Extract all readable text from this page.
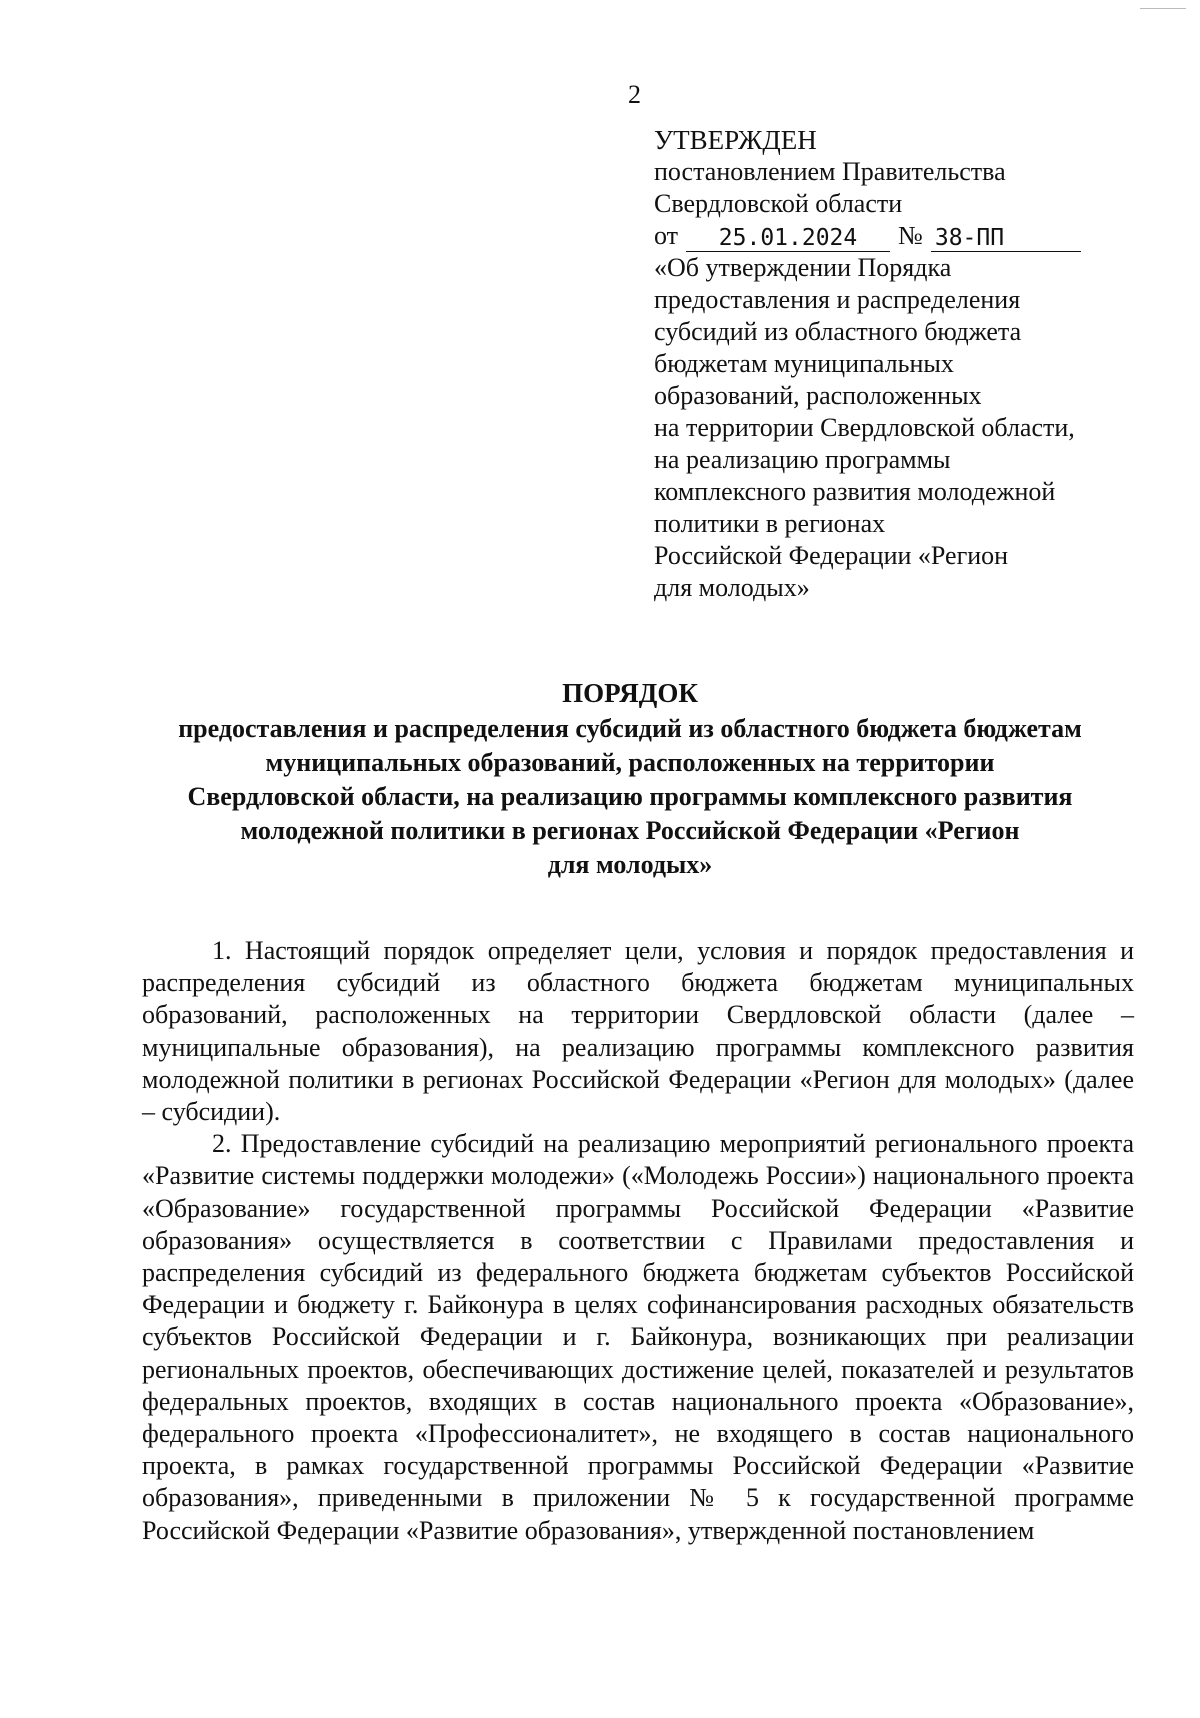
2
УТВЕРЖДЕН
постановлением Правительства
Свердловской области
от	25.01.2024	№ 38-ПП
«Об утверждении Порядка
предоставления и распределения
субсидий из областного бюджета
бюджетам муниципальных
образований, расположенных
на территории Свердловской области,
на реализацию программы
комплексного развития молодежной
политики в регионах
Российской Федерации «Регион
для молодых»
ПОРЯДОК
предоставления и распределения субсидий из областного бюджета бюджетам
муниципальных образований, расположенных на территории
Свердловской области, на реализацию программы комплексного развития
молодежной политики в регионах Российской Федерации «Регион
для молодых»

1. Настоящий порядок определяет цели, условия и порядок предоставления и распределения субсидий из областного бюджета бюджетам муниципальных образований, расположенных на территории Свердловской области (далее – муниципальные образования), на реализацию программы комплексного развития молодежной политики в регионах Российской Федерации «Регион для молодых» (далее – субсидии).

2. Предоставление субсидий на реализацию мероприятий регионального проекта «Развитие системы поддержки молодежи» («Молодежь России») национального проекта «Образование» государственной программы Российской Федерации «Развитие образования» осуществляется в соответствии с Правилами предоставления и распределения субсидий из федерального бюджета бюджетам субъектов Российской Федерации и бюджету г. Байконура в целях софинансирования расходных обязательств субъектов Российской Федерации и г. Байконура, возникающих при реализации региональных проектов, обеспечивающих достижение целей, показателей и результатов федеральных проектов, входящих в состав национального проекта «Образование», федерального проекта «Профессионалитет», не входящего в состав национального проекта, в рамках государственной программы Российской Федерации «Развитие образования», приведенными в приложении № 5 к государственной программе Российской Федерации «Развитие образования», утвержденной постановлением
